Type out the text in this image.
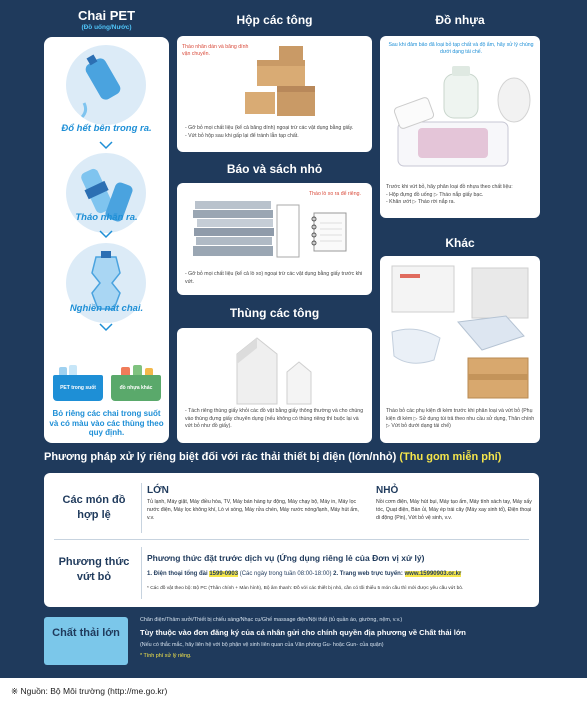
Chai PET
(Đồ uống/Nước)
Đổ hết bên trong ra.
Tháo nhãn ra.
Nghiền nát chai.
PET trong suốt	đồ nhựa khác
Bỏ riêng các chai trong suốt và có màu vào các thùng theo quy định.
Hộp các tông
Tháo nhãn dán và băng dính vận chuyển.
- Gỡ bỏ mọi chất liệu (kể cả băng dính) ngoại trừ các vật dụng bằng giấy.
- Vứt bỏ hộp sau khi gấp lại để tránh lẫn tạp chất.
Báo và sách nhỏ
Tháo lò xo ra để riêng.
- Gỡ bỏ mọi chất liệu (kể cả lò xo) ngoại trừ các vật dụng bằng giấy trước khi vứt.
Thùng các tông
- Tách riêng thùng giấy khỏi các đồ vật bằng giấy thông thường và cho chúng vào thùng đựng giấy chuyên dụng (nếu không có thùng riêng thì buộc lại và vứt bỏ như đồ giấy).
Đồ nhựa
Sau khi đảm bảo đã loại bỏ tạp chất và độ ẩm, hãy xử lý chúng dưới dạng tái chế.
Trước khi vứt bỏ, hãy phân loại đồ nhựa theo chất liệu:
- Hộp đựng đồ uống ▷ Tháo nắp giấy bạc.
- Khăn ướt ▷ Tháo rời nắp ra.
Khác
Tháo bỏ các phụ kiện đi kèm trước khi phân loại và vứt bỏ (Phụ kiện đi kèm ▷ Sử dụng túi trả theo nhu cầu sử dụng, Thân chính ▷ Vứt bỏ dưới dạng tái chế)
Phương pháp xử lý riêng biệt đối với rác thải thiết bị điện (lớn/nhỏ) (Thu gom miễn phí)
Các món đồ hợp lệ
LỚN
Tủ lạnh, Máy giặt, Máy điều hòa, TV, Máy bán hàng tự động, Máy chạy bộ, Máy in, Máy lọc nước điện, Máy lọc không khí, Lò vi sóng, Máy rửa chén, Máy nước nóng/lạnh, Máy hút ẩm, v.v.
NHỎ
Nồi cơm điện, Máy hút bụi, Máy tạo ẩm, Máy tính xách tay, Máy sấy tóc, Quạt điện, Bàn ủi, Máy ép trái cây (Máy xay sinh tố), Điện thoại di động (Pin), Vứt bỏ vệ sinh, v.v.
Phương thức vứt bỏ
Phương thức đặt trước dịch vụ (Ứng dụng riêng lẻ của Đơn vị xử lý)
1. Điện thoại tổng đài 1599-0903 (Các ngày trong tuần 08:00-18:00) 2. Trang web trực tuyến: www.15990903.or.kr
* Các đồ vật theo bộ: Bộ PC (Thân chính + Màn hình), Bộ âm thanh: Đồ với các thiết bị nhỏ, cần có tối thiểu 5 món cầu thì mới được yêu cầu vứt bỏ.
Chất thải lớn
Chân điện/Thảm sưởi/Thiết bị chiếu sáng/Nhạc cụ/Ghế massage điện/Nội thất (tủ quần áo, giường, nệm, v.v.)
Tùy thuộc vào đơn đăng ký của cá nhân gửi cho chính quyền địa phương về Chất thải lớn
(Nếu có thắc mắc, hãy liên hệ với bộ phận vệ sinh liên quan của Văn phòng Gu- hoặc Gun- của quận)
* Tính phí xử lý riêng.
※ Nguồn: Bộ Môi trường (http://me.go.kr)
